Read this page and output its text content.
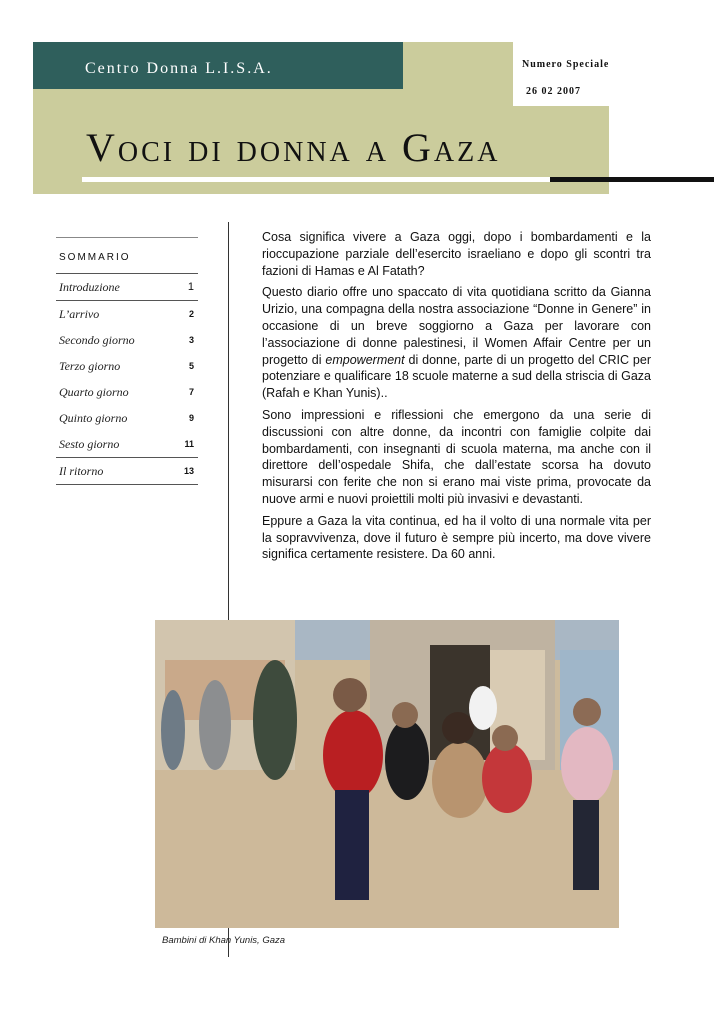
Centro Donna L.I.S.A.	Numero Speciale
26 02 2007
Voci di donna a Gaza
SOMMARIO
Introduzione	1
L’arrivo	2
Secondo giorno	3
Terzo giorno	5
Quarto giorno	7
Quinto giorno	9
Sesto giorno	11
Il ritorno	13

Cosa significa vivere a Gaza oggi, dopo i bombardamenti e la rioccupazione parziale dell’esercito israeliano e dopo gli scontri tra fazioni di Hamas e Al Fatath?

Questo diario offre uno spaccato di vita quotidiana scritto da Gianna Urizio, una compagna della nostra associazione “Donne in Genere” in occasione di un breve soggiorno a Gaza per lavorare con l’associazione di donne palestinesi, il Women Affair Centre per un progetto di empowerment di donne, parte di un progetto del CRIC per potenziare e qualificare 18 scuole materne a sud della striscia di Gaza (Rafah e Khan Yunis)..

Sono impressioni e riflessioni che emergono da una serie di discussioni con altre donne, da incontri con famiglie colpite dai bombardamenti, con insegnanti di scuola materna, ma anche con il direttore dell’ospedale Shifa, che dall’estate scorsa ha dovuto misurarsi con ferite che non si erano mai viste prima, provocate da nuove armi e nuovi proiettili molti più invasivi e devastanti.

Eppure a Gaza la vita continua, ed ha il volto di una normale vita per la sopravvivenza, dove il futuro è sempre più incerto, ma dove vivere significa certamente resistere. Da 60 anni.

Bambini di Khan Yunis, Gaza
